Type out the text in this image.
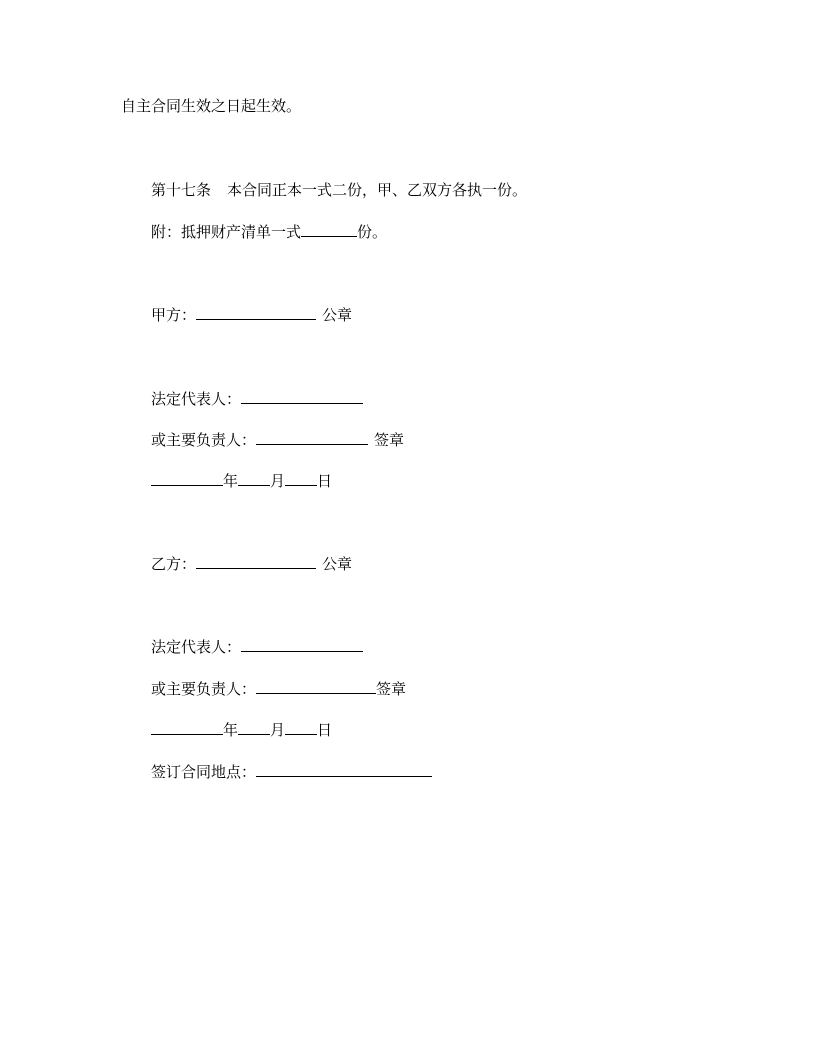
自主合同生效之日起生效。
第十七条 本合同正本一式二份，甲、乙双方各执一份。
附：抵押财产清单一式	份。
甲方：	公章
法定代表人：
或主要负责人：	签章
年 月 日
乙方：	公章
法定代表人：
或主要负责人：	签章
年 月 日
签订合同地点：
